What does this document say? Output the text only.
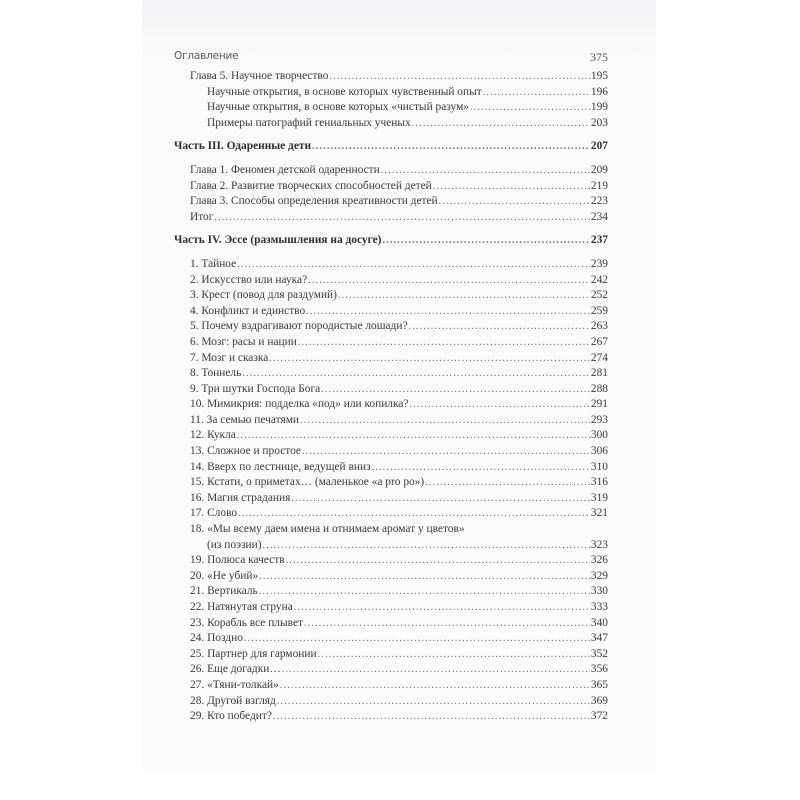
Оглавление	375
Глава 5. Научное творчество .....	195
Научные открытия, в основе которых чувственный опыт .....	196
Научные открытия, в основе которых «чистый разум» .....	199
Примеры патографий гениальных ученых .....	203
Часть III. Одаренные дети .....	207
Глава 1. Феномен детской одаренности .....	209
Глава 2. Развитие творческих способностей детей .....	219
Глава 3. Способы определения креативности детей .....	223
Итог .....	234
Часть IV. Эссе (размышления на досуге) .....	237
1. Тайное .....	239
2. Искусство или наука? .....	242
3. Крест (повод для раздумий) .....	252
4. Конфликт и единство .....	259
5. Почему вздрагивают породистые лошади? .....	263
6. Мозг: расы и нации .....	267
7. Мозг и сказка .....	274
8. Тоннель .....	281
9. Три шутки Господа Бога .....	288
10. Мимикрия: подделка «под» или копилка? .....	291
11. За семью печатями .....	293
12. Кукла .....	300
13. Сложное и простое .....	306
14. Вверх по лестнице, ведущей вниз .....	310
15. Кстати, о приметах… (маленькое «a pro po») .....	316
16. Магия страдания .....	319
17. Слово .....	321
18. «Мы всему даем имена и отнимаем аромат у цветов»
(из поэзии) .....	323
19. Полюса качеств .....	326
20. «Не убий» .....	329
21. Вертикаль .....	330
22. Натянутая струна .....	333
23. Корабль все плывет .....	340
24. Поздно .....	347
25. Партнер для гармонии .....	352
26. Еще догадки… .....	356
27. «Тяни-толкай» .....	365
28. Другой взгляд .....	369
29. Кто победит? .....	372
